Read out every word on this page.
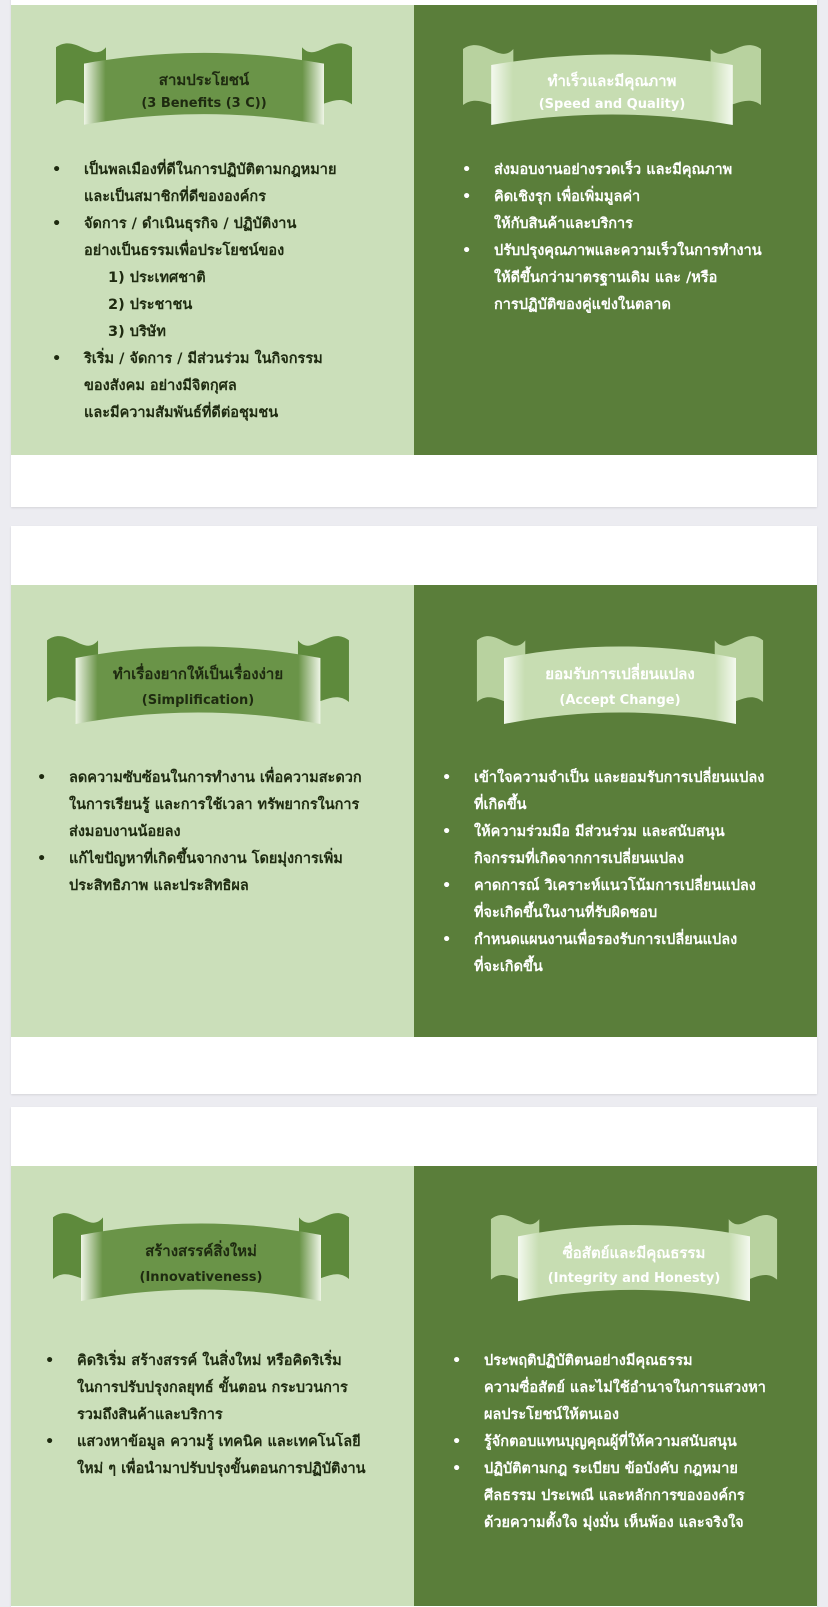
สามประโยชน์
(3 Benefits (3 C))
• เป็นพลเมืองที่ดีในการปฏิบัติตามกฎหมาย
และเป็นสมาชิกที่ดีขององค์กร
• จัดการ / ดำเนินธุรกิจ / ปฏิบัติงาน
อย่างเป็นธรรมเพื่อประโยชน์ของ
1) ประเทศชาติ
2) ประชาชน
3) บริษัท
• ริเริ่ม / จัดการ / มีส่วนร่วม ในกิจกรรม
ของสังคม อย่างมีจิตกุศล
และมีความสัมพันธ์ที่ดีต่อชุมชน
ทำเร็วและมีคุณภาพ
(Speed and Quality)
• ส่งมอบงานอย่างรวดเร็ว และมีคุณภาพ
• คิดเชิงรุก เพื่อเพิ่มมูลค่า
ให้กับสินค้าและบริการ
• ปรับปรุงคุณภาพและความเร็วในการทำงาน
ให้ดีขึ้นกว่ามาตรฐานเดิม และ /หรือ
การปฏิบัติของคู่แข่งในตลาด
ทำเรื่องยากให้เป็นเรื่องง่าย
(Simplification)
• ลดความซับซ้อนในการทำงาน เพื่อความสะดวก
ในการเรียนรู้ และการใช้เวลา ทรัพยากรในการ
ส่งมอบงานน้อยลง
• แก้ไขปัญหาที่เกิดขึ้นจากงาน โดยมุ่งการเพิ่ม
ประสิทธิภาพ และประสิทธิผล
ยอมรับการเปลี่ยนแปลง
(Accept Change)
• เข้าใจความจำเป็น และยอมรับการเปลี่ยนแปลง
ที่เกิดขึ้น
• ให้ความร่วมมือ มีส่วนร่วม และสนับสนุน
กิจกรรมที่เกิดจากการเปลี่ยนแปลง
• คาดการณ์ วิเคราะห์แนวโน้มการเปลี่ยนแปลง
ที่จะเกิดขึ้นในงานที่รับผิดชอบ
• กำหนดแผนงานเพื่อรองรับการเปลี่ยนแปลง
ที่จะเกิดขึ้น
สร้างสรรค์สิ่งใหม่
(Innovativeness)
• คิดริเริ่ม สร้างสรรค์ ในสิ่งใหม่ หรือคิดริเริ่ม
ในการปรับปรุงกลยุทธ์ ขั้นตอน กระบวนการ
รวมถึงสินค้าและบริการ
• แสวงหาข้อมูล ความรู้ เทคนิค และเทคโนโลยี
ใหม่ ๆ เพื่อนำมาปรับปรุงขั้นตอนการปฏิบัติงาน
ซื่อสัตย์และมีคุณธรรม
(Integrity and Honesty)
• ประพฤติปฏิบัติตนอย่างมีคุณธรรม
ความซื่อสัตย์ และไม่ใช้อำนาจในการแสวงหา
ผลประโยชน์ให้ตนเอง
• รู้จักตอบแทนบุญคุณผู้ที่ให้ความสนับสนุน
• ปฏิบัติตามกฎ ระเบียบ ข้อบังคับ กฎหมาย
ศีลธรรม ประเพณี และหลักการขององค์กร
ด้วยความตั้งใจ มุ่งมั่น เห็นพ้อง และจริงใจ
